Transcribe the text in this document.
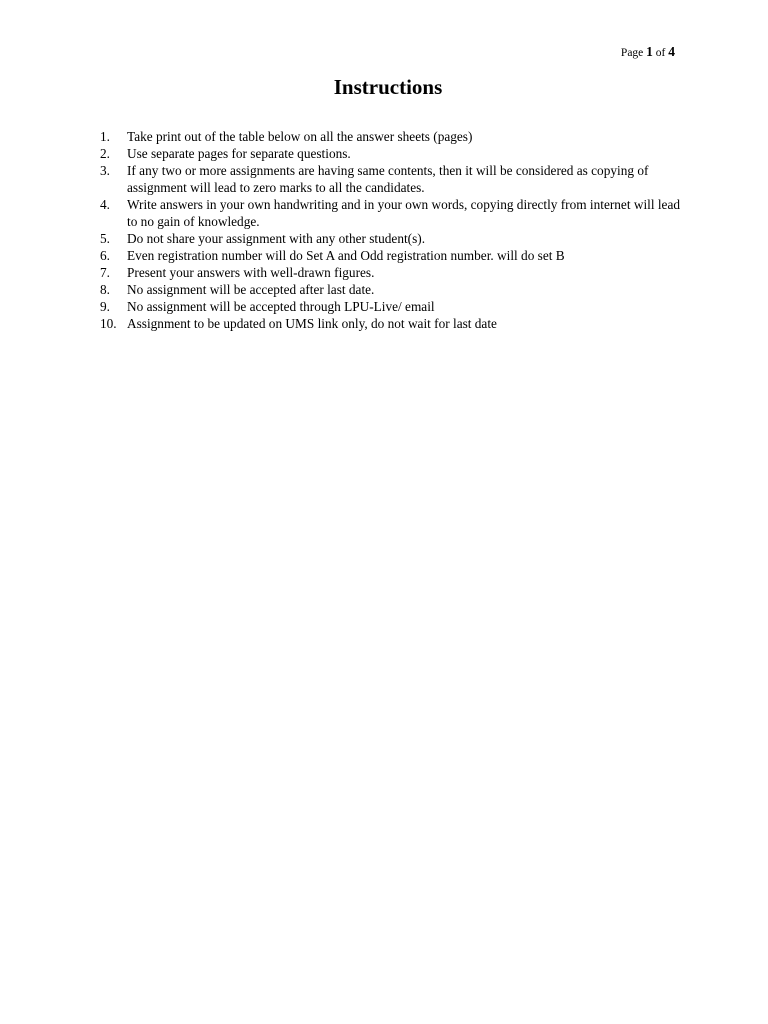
Page 1 of 4
Instructions
1.	Take print out of the table below on all the answer sheets (pages)
2.	Use separate pages for separate questions.
3.	If any two or more assignments are having same contents, then it will be considered as copying of assignment will lead to zero marks to all the candidates.
4.	Write answers in your own handwriting and in your own words, copying directly from internet will lead to no gain of knowledge.
5.	Do not share your assignment with any other student(s).
6.	Even registration number will do Set A and Odd registration number. will do set B
7.	Present your answers with well-drawn figures.
8.	No assignment will be accepted after last date.
9.	No assignment will be accepted through LPU-Live/ email
10. Assignment to be updated on UMS link only, do not wait for last date
